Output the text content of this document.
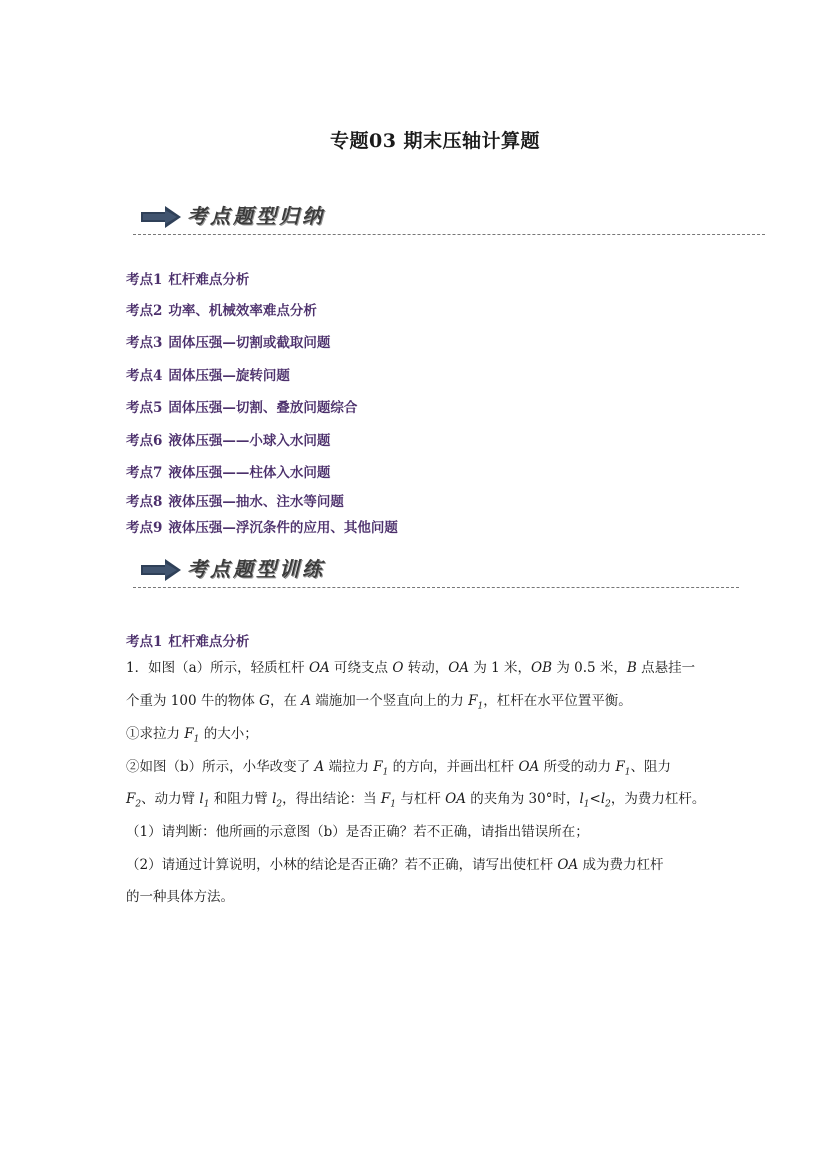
专题03 期末压轴计算题
考点题型归纳
考点1 杠杆难点分析
考点2 功率、机械效率难点分析
考点3 固体压强—切割或截取问题
考点4 固体压强—旋转问题
考点5 固体压强—切割、叠放问题综合
考点6 液体压强——小球入水问题
考点7 液体压强——柱体入水问题
考点8 液体压强—抽水、注水等问题
考点9 液体压强—浮沉条件的应用、其他问题
考点题型训练
考点1 杠杆难点分析
1．如图（a）所示，轻质杠杆 OA 可绕支点 O 转动，OA 为 1 米，OB 为 0.5 米，B 点悬挂一
个重为 100 牛的物体 G，在 A 端施加一个竖直向上的力 $F_1$，杠杆在水平位置平衡。
①求拉力 $F_1$ 的大小；
②如图（b）所示，小华改变了 A 端拉力 $F_1$ 的方向，并画出杠杆 OA 所受的动力 $F_1$、阻力
$F_2$、动力臂 $l_1$ 和阻力臂 $l_2$，得出结论：当 $F_1$ 与杠杆 OA 的夹角为 30°时，$l_1<l_2$，为费力杠杆。
（1）请判断：他所画的示意图（b）是否正确？若不正确，请指出错误所在；
（2）请通过计算说明，小林的结论是否正确？若不正确，请写出使杠杆 OA 成为费力杠杆
的一种具体方法。
